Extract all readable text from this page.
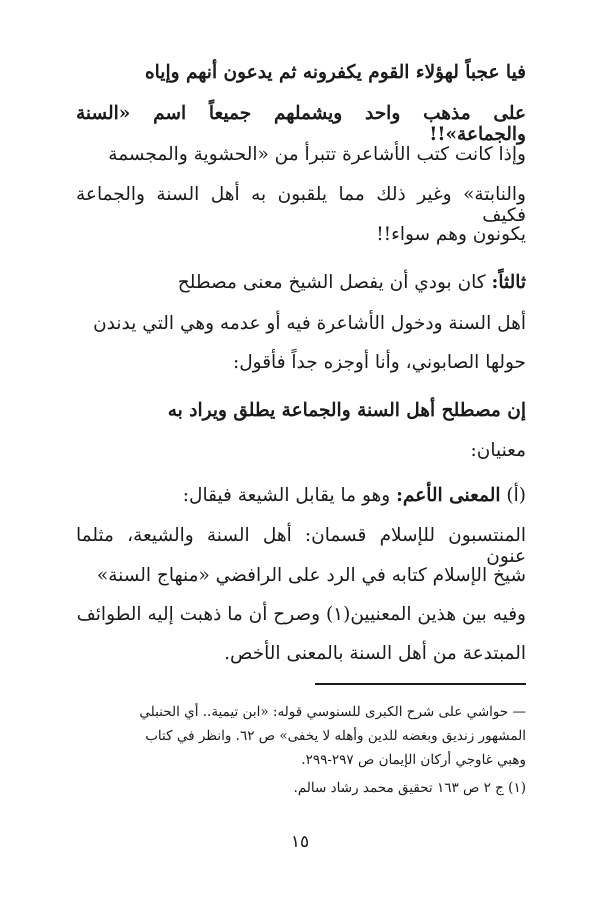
فيا عجباً لهؤلاء القوم يكفرونه ثم يدعون أنهم وإياه
على مذهب واحد ويشملهم جميعاً اسم «السنة والجماعة»!!
وإذا كانت كتب الأشاعرة تتبرأ من «الحشوية والمجسمة
والنابتة» وغير ذلك مما يلقبون به أهل السنة والجماعة فكيف
يكونون وهم سواء!!
ثالثاً: كان بودي أن يفصل الشيخ معنى مصطلح
أهل السنة ودخول الأشاعرة فيه أو عدمه وهي التي يدندن
حولها الصابوني، وأنا أوجزه جداً فأقول:
إن مصطلح أهل السنة والجماعة يطلق ويراد به
معنيان:
(أ) المعنى الأعم: وهو ما يقابل الشيعة فيقال:
المنتسبون للإسلام قسمان: أهل السنة والشيعة، مثلما عنون
شيخ الإسلام كتابه في الرد على الرافضي «منهاج السنة»
وفيه بين هذين المعنيين(١) وصرح أن ما ذهبت إليه الطوائف
المبتدعة من أهل السنة بالمعنى الأخص.
— حواشي على شرح الكبرى للسنوسي قوله: «ابن تيمية.. أي الحنبلي
المشهور زنديق وبغضه للدين وأهله لا يخفى» ص ٦٢. وانظر في كتاب
وهبي غاوجي أركان الإيمان ص ٢٩٧-٢٩٩.
(١) ج ٢ ص ١٦٣ تحقيق محمد رشاد سالم.
١٥
